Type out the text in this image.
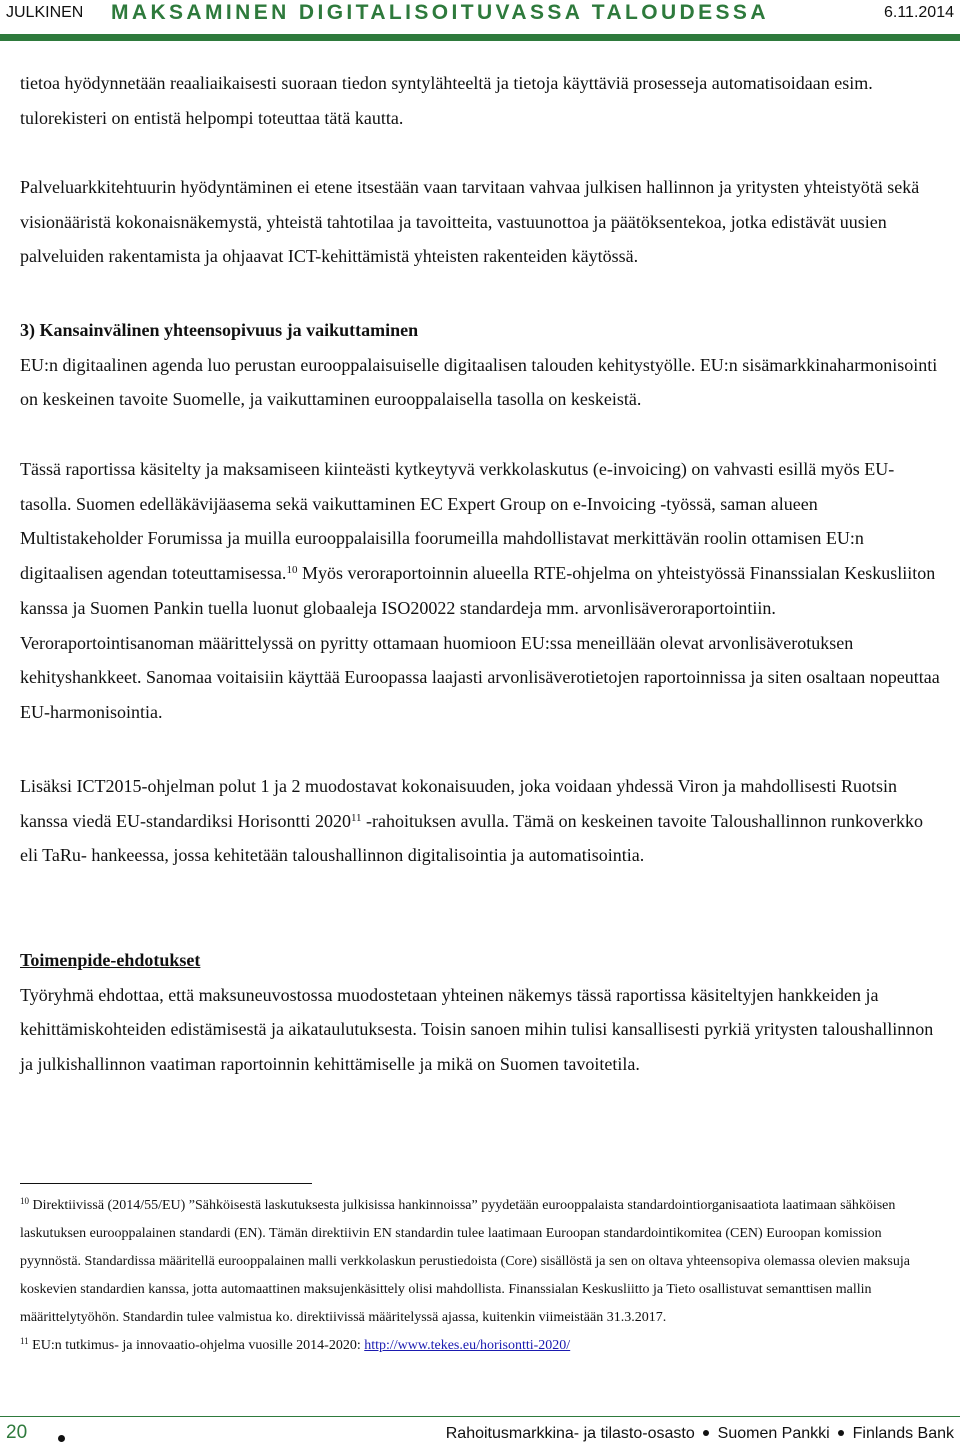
JULKINEN MAKSAMINEN DIGITALISOITUVASSA TALOUDESSA	6.11.2014

tietoa hyödynnetään reaaliaikaisesti suoraan tiedon syntylähteeltä ja tietoja käyttäviä prosesseja automatisoidaan esim. tulorekisteri on entistä helpompi toteuttaa tätä kautta.

Palveluarkkitehtuurin hyödyntäminen ei etene itsestään vaan tarvitaan vahvaa julkisen hallinnon ja yritysten yhteistyötä sekä visionääristä kokonaisnäkemystä, yhteistä tahtotilaa ja tavoitteita, vastuunottoa ja päätöksentekoa, jotka edistävät uusien palveluiden rakentamista ja ohjaavat ICT-kehittämistä yhteisten rakenteiden käytössä.

3) Kansainvälinen yhteensopivuus ja vaikuttaminen

EU:n digitaalinen agenda luo perustan eurooppalaisuiselle digitaalisen talouden kehitystyölle. EU:n sisämarkkinaharmonisointi on keskeinen tavoite Suomelle, ja vaikuttaminen eurooppalaisella tasolla on keskeistä.

Tässä raportissa käsitelty ja maksamiseen kiinteästi kytkeytyvä verkkolaskutus (e-invoicing) on vahvasti esillä myös EU-tasolla. Suomen edelläkävijäasema sekä vaikuttaminen EC Expert Group on e-Invoicing -työssä, saman alueen Multistakeholder Forumissa ja muilla eurooppalaisilla foorumeilla mahdollistavat merkittävän roolin ottamisen EU:n digitaalisen agendan toteuttamisessa.$^{10}$ Myös veroraportoinnin alueella RTE-ohjelma on yhteistyössä Finanssialan Keskusliiton kanssa ja Suomen Pankin tuella luonut globaaleja ISO20022 standardeja mm. arvonlisäveroraportointiin. Veroraportointisanoman määrittelyssä on pyritty ottamaan huomioon EU:ssa meneillään olevat arvonlisäverotuksen kehityshankkeet. Sanomaa voitaisiin käyttää Euroopassa laajasti arvonlisäverotietojen raportoinnissa ja siten osaltaan nopeuttaa EU-harmonisointia.

Lisäksi ICT2015-ohjelman polut 1 ja 2 muodostavat kokonaisuuden, joka voidaan yhdessä Viron ja mahdollisesti Ruotsin kanssa viedä EU-standardiksi Horisontti 2020$^{11}$ -rahoituksen avulla. Tämä on keskeinen tavoite Taloushallinnon runkoverkko eli TaRu- hankeessa, jossa kehitetään taloushallinnon digitalisointia ja automatisointia.

Toimenpide-ehdotukset

Työryhmä ehdottaa, että maksuneuvostossa muodostetaan yhteinen näkemys tässä raportissa käsiteltyjen hankkeiden ja kehittämiskohteiden edistämisestä ja aikataulutuksesta. Toisin sanoen mihin tulisi kansallisesti pyrkiä yritysten taloushallinnon ja julkishallinnon vaatiman raportoinnin kehittämiselle ja mikä on Suomen tavoitetila.

$^{10}$ Direktiivissä (2014/55/EU) ”Sähköisestä laskutuksesta julkisissa hankinnoissa” pyydetään eurooppalaista standardointiorganisaatiota laatimaan sähköisen laskutuksen eurooppalainen standardi (EN). Tämän direktiivin EN standardin tulee laatimaan Euroopan standardointikomitea (CEN) Euroopan komission pyynnöstä. Standardissa määritellä eurooppalainen malli verkkolaskun perustiedoista (Core) sisällöstä ja sen on oltava yhteensopiva olemassa olevien maksuja koskevien standardien kanssa, jotta automaattinen maksujenkäsittely olisi mahdollista. Finanssialan Keskusliitto ja Tieto osallistuvat semanttisen mallin määrittelytyöhön. Standardin tulee valmistua ko. direktiivissä määritelyssä ajassa, kuitenkin viimeistään 31.3.2017.

$^{11}$ EU:n tutkimus- ja innovaatio-ohjelma vuosille 2014-2020: http://www.tekes.eu/horisontti-2020/

20	Rahoitusmarkkina- ja tilasto-osasto Suomen Pankki Finlands Bank
